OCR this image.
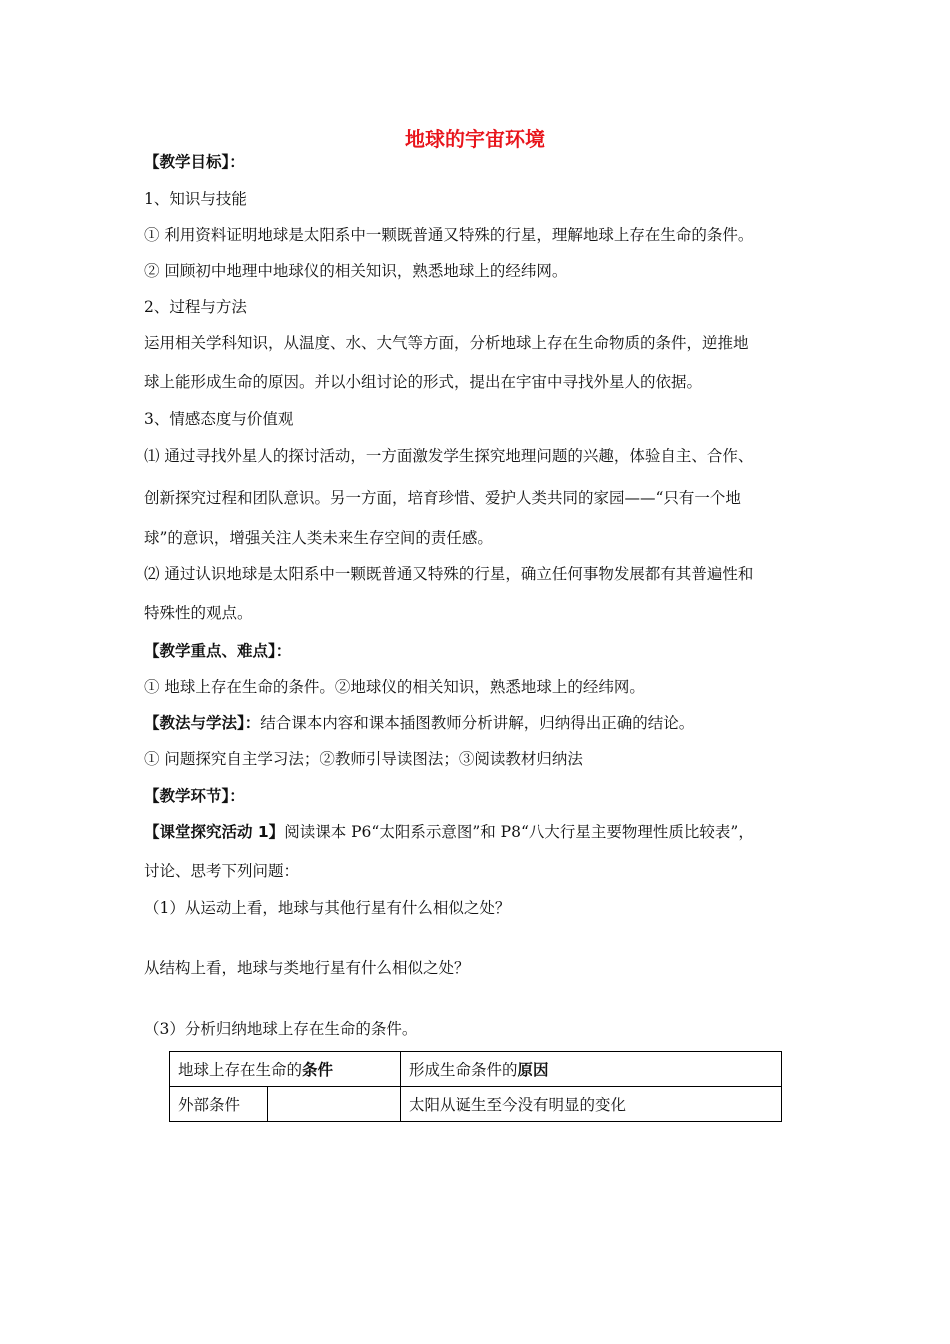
地球的宇宙环境
【教学目标】：
1、知识与技能
① 利用资料证明地球是太阳系中一颗既普通又特殊的行星，理解地球上存在生命的条件。
② 回顾初中地理中地球仪的相关知识，熟悉地球上的经纬网。
2、过程与方法
运用相关学科知识，从温度、水、大气等方面，分析地球上存在生命物质的条件，逆推地
球上能形成生命的原因。并以小组讨论的形式，提出在宇宙中寻找外星人的依据。
3、情感态度与价值观
⑴ 通过寻找外星人的探讨活动，一方面激发学生探究地理问题的兴趣，体验自主、合作、
创新探究过程和团队意识。另一方面，培育珍惜、爱护人类共同的家园——“只有一个地
球”的意识，增强关注人类未来生存空间的责任感。
⑵ 通过认识地球是太阳系中一颗既普通又特殊的行星，确立任何事物发展都有其普遍性和
特殊性的观点。
【教学重点、难点】：
① 地球上存在生命的条件。②地球仪的相关知识，熟悉地球上的经纬网。
【教法与学法】：结合课本内容和课本插图教师分析讲解，归纳得出正确的结论。
① 问题探究自主学习法；②教师引导读图法；③阅读教材归纳法
【教学环节】：
【课堂探究活动 1】阅读课本 P6“太阳系示意图”和 P8“八大行星主要物理性质比较表”，
讨论、思考下列问题：
（1）从运动上看，地球与其他行星有什么相似之处？
从结构上看，地球与类地行星有什么相似之处？
（3）分析归纳地球上存在生命的条件。
地球上存在生命的条件		形成生命条件的原因
外部条件		太阳从诞生至今没有明显的变化
